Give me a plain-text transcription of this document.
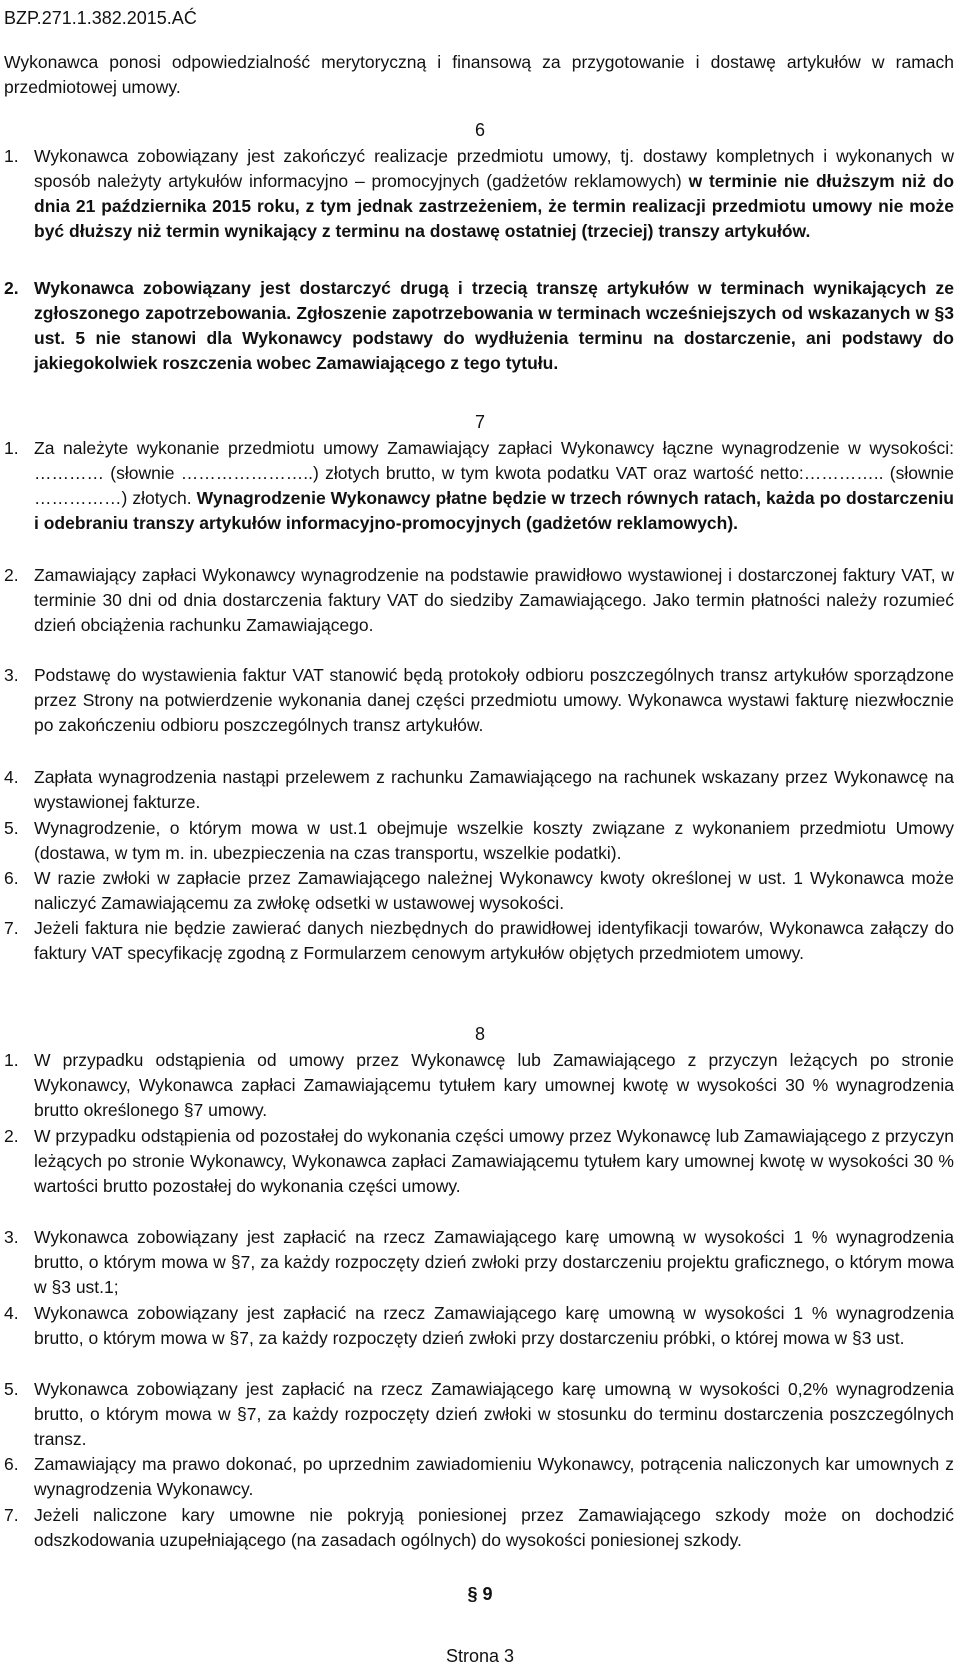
BZP.271.1.382.2015.AĆ
Wykonawca ponosi odpowiedzialność merytoryczną i finansową za przygotowanie i dostawę artykułów w ramach przedmiotowej umowy.
6
1. Wykonawca zobowiązany jest zakończyć realizacje przedmiotu umowy, tj. dostawy kompletnych i wykonanych w sposób należyty artykułów informacyjno – promocyjnych (gadżetów reklamowych) w terminie nie dłuższym niż do dnia 21 października 2015 roku, z tym jednak zastrzeżeniem, że termin realizacji przedmiotu umowy nie może być dłuższy niż termin wynikający z terminu na dostawę ostatniej (trzeciej) transzy artykułów.
2. Wykonawca zobowiązany jest dostarczyć drugą i trzecią transzę artykułów w terminach wynikających ze zgłoszonego zapotrzebowania. Zgłoszenie zapotrzebowania w terminach wcześniejszych od wskazanych w §3 ust. 5 nie stanowi dla Wykonawcy podstawy do wydłużenia terminu na dostarczenie, ani podstawy do jakiegokolwiek roszczenia wobec Zamawiającego z tego tytułu.
7
1. Za należyte wykonanie przedmiotu umowy Zamawiający zapłaci Wykonawcy łączne wynagrodzenie w wysokości: ………… (słownie …………………..) złotych brutto, w tym kwota podatku VAT oraz wartość netto:………….. (słownie ……………) złotych. Wynagrodzenie Wykonawcy płatne będzie w trzech równych ratach, każda po dostarczeniu i odebraniu transzy artykułów informacyjno-promocyjnych (gadżetów reklamowych).
2. Zamawiający zapłaci Wykonawcy wynagrodzenie na podstawie prawidłowo wystawionej i dostarczonej faktury VAT, w terminie 30 dni od dnia dostarczenia faktury VAT do siedziby Zamawiającego. Jako termin płatności należy rozumieć dzień obciążenia rachunku Zamawiającego.
3. Podstawę do wystawienia faktur VAT stanowić będą protokoły odbioru poszczególnych transz artykułów sporządzone przez Strony na potwierdzenie wykonania danej części przedmiotu umowy. Wykonawca wystawi fakturę niezwłocznie po zakończeniu odbioru poszczególnych transz artykułów.
4. Zapłata wynagrodzenia nastąpi przelewem z rachunku Zamawiającego na rachunek wskazany przez Wykonawcę na wystawionej fakturze.
5. Wynagrodzenie, o którym mowa w ust.1 obejmuje wszelkie koszty związane z wykonaniem przedmiotu Umowy (dostawa, w tym m. in. ubezpieczenia na czas transportu, wszelkie podatki).
6. W razie zwłoki w zapłacie przez Zamawiającego należnej Wykonawcy kwoty określonej w ust. 1 Wykonawca może naliczyć Zamawiającemu za zwłokę odsetki w ustawowej wysokości.
7. Jeżeli faktura nie będzie zawierać danych niezbędnych do prawidłowej identyfikacji towarów, Wykonawca załączy do faktury VAT specyfikację zgodną z Formularzem cenowym artykułów objętych przedmiotem umowy.
8
1. W przypadku odstąpienia od umowy przez Wykonawcę lub Zamawiającego z przyczyn leżących po stronie Wykonawcy, Wykonawca zapłaci Zamawiającemu tytułem kary umownej kwotę w wysokości 30 % wynagrodzenia brutto określonego §7 umowy.
2. W przypadku odstąpienia od pozostałej do wykonania części umowy przez Wykonawcę lub Zamawiającego z przyczyn leżących po stronie Wykonawcy, Wykonawca zapłaci Zamawiającemu tytułem kary umownej kwotę w wysokości 30 % wartości brutto pozostałej do wykonania części umowy.
3. Wykonawca zobowiązany jest zapłacić na rzecz Zamawiającego karę umowną w wysokości 1 % wynagrodzenia brutto, o którym mowa w §7, za każdy rozpoczęty dzień zwłoki przy dostarczeniu projektu graficznego, o którym mowa w §3 ust.1;
4. Wykonawca zobowiązany jest zapłacić na rzecz Zamawiającego karę umowną w wysokości 1 % wynagrodzenia brutto, o którym mowa w §7, za każdy rozpoczęty dzień zwłoki przy dostarczeniu próbki, o której mowa w §3 ust.
5. Wykonawca zobowiązany jest zapłacić na rzecz Zamawiającego karę umowną w wysokości 0,2% wynagrodzenia brutto, o którym mowa w §7, za każdy rozpoczęty dzień zwłoki w stosunku do terminu dostarczenia poszczególnych transz.
6. Zamawiający ma prawo dokonać, po uprzednim zawiadomieniu Wykonawcy, potrącenia naliczonych kar umownych z wynagrodzenia Wykonawcy.
7. Jeżeli naliczone kary umowne nie pokryją poniesionej przez Zamawiającego szkody może on dochodzić odszkodowania uzupełniającego (na zasadach ogólnych) do wysokości poniesionej szkody.
§ 9
Strona 3
